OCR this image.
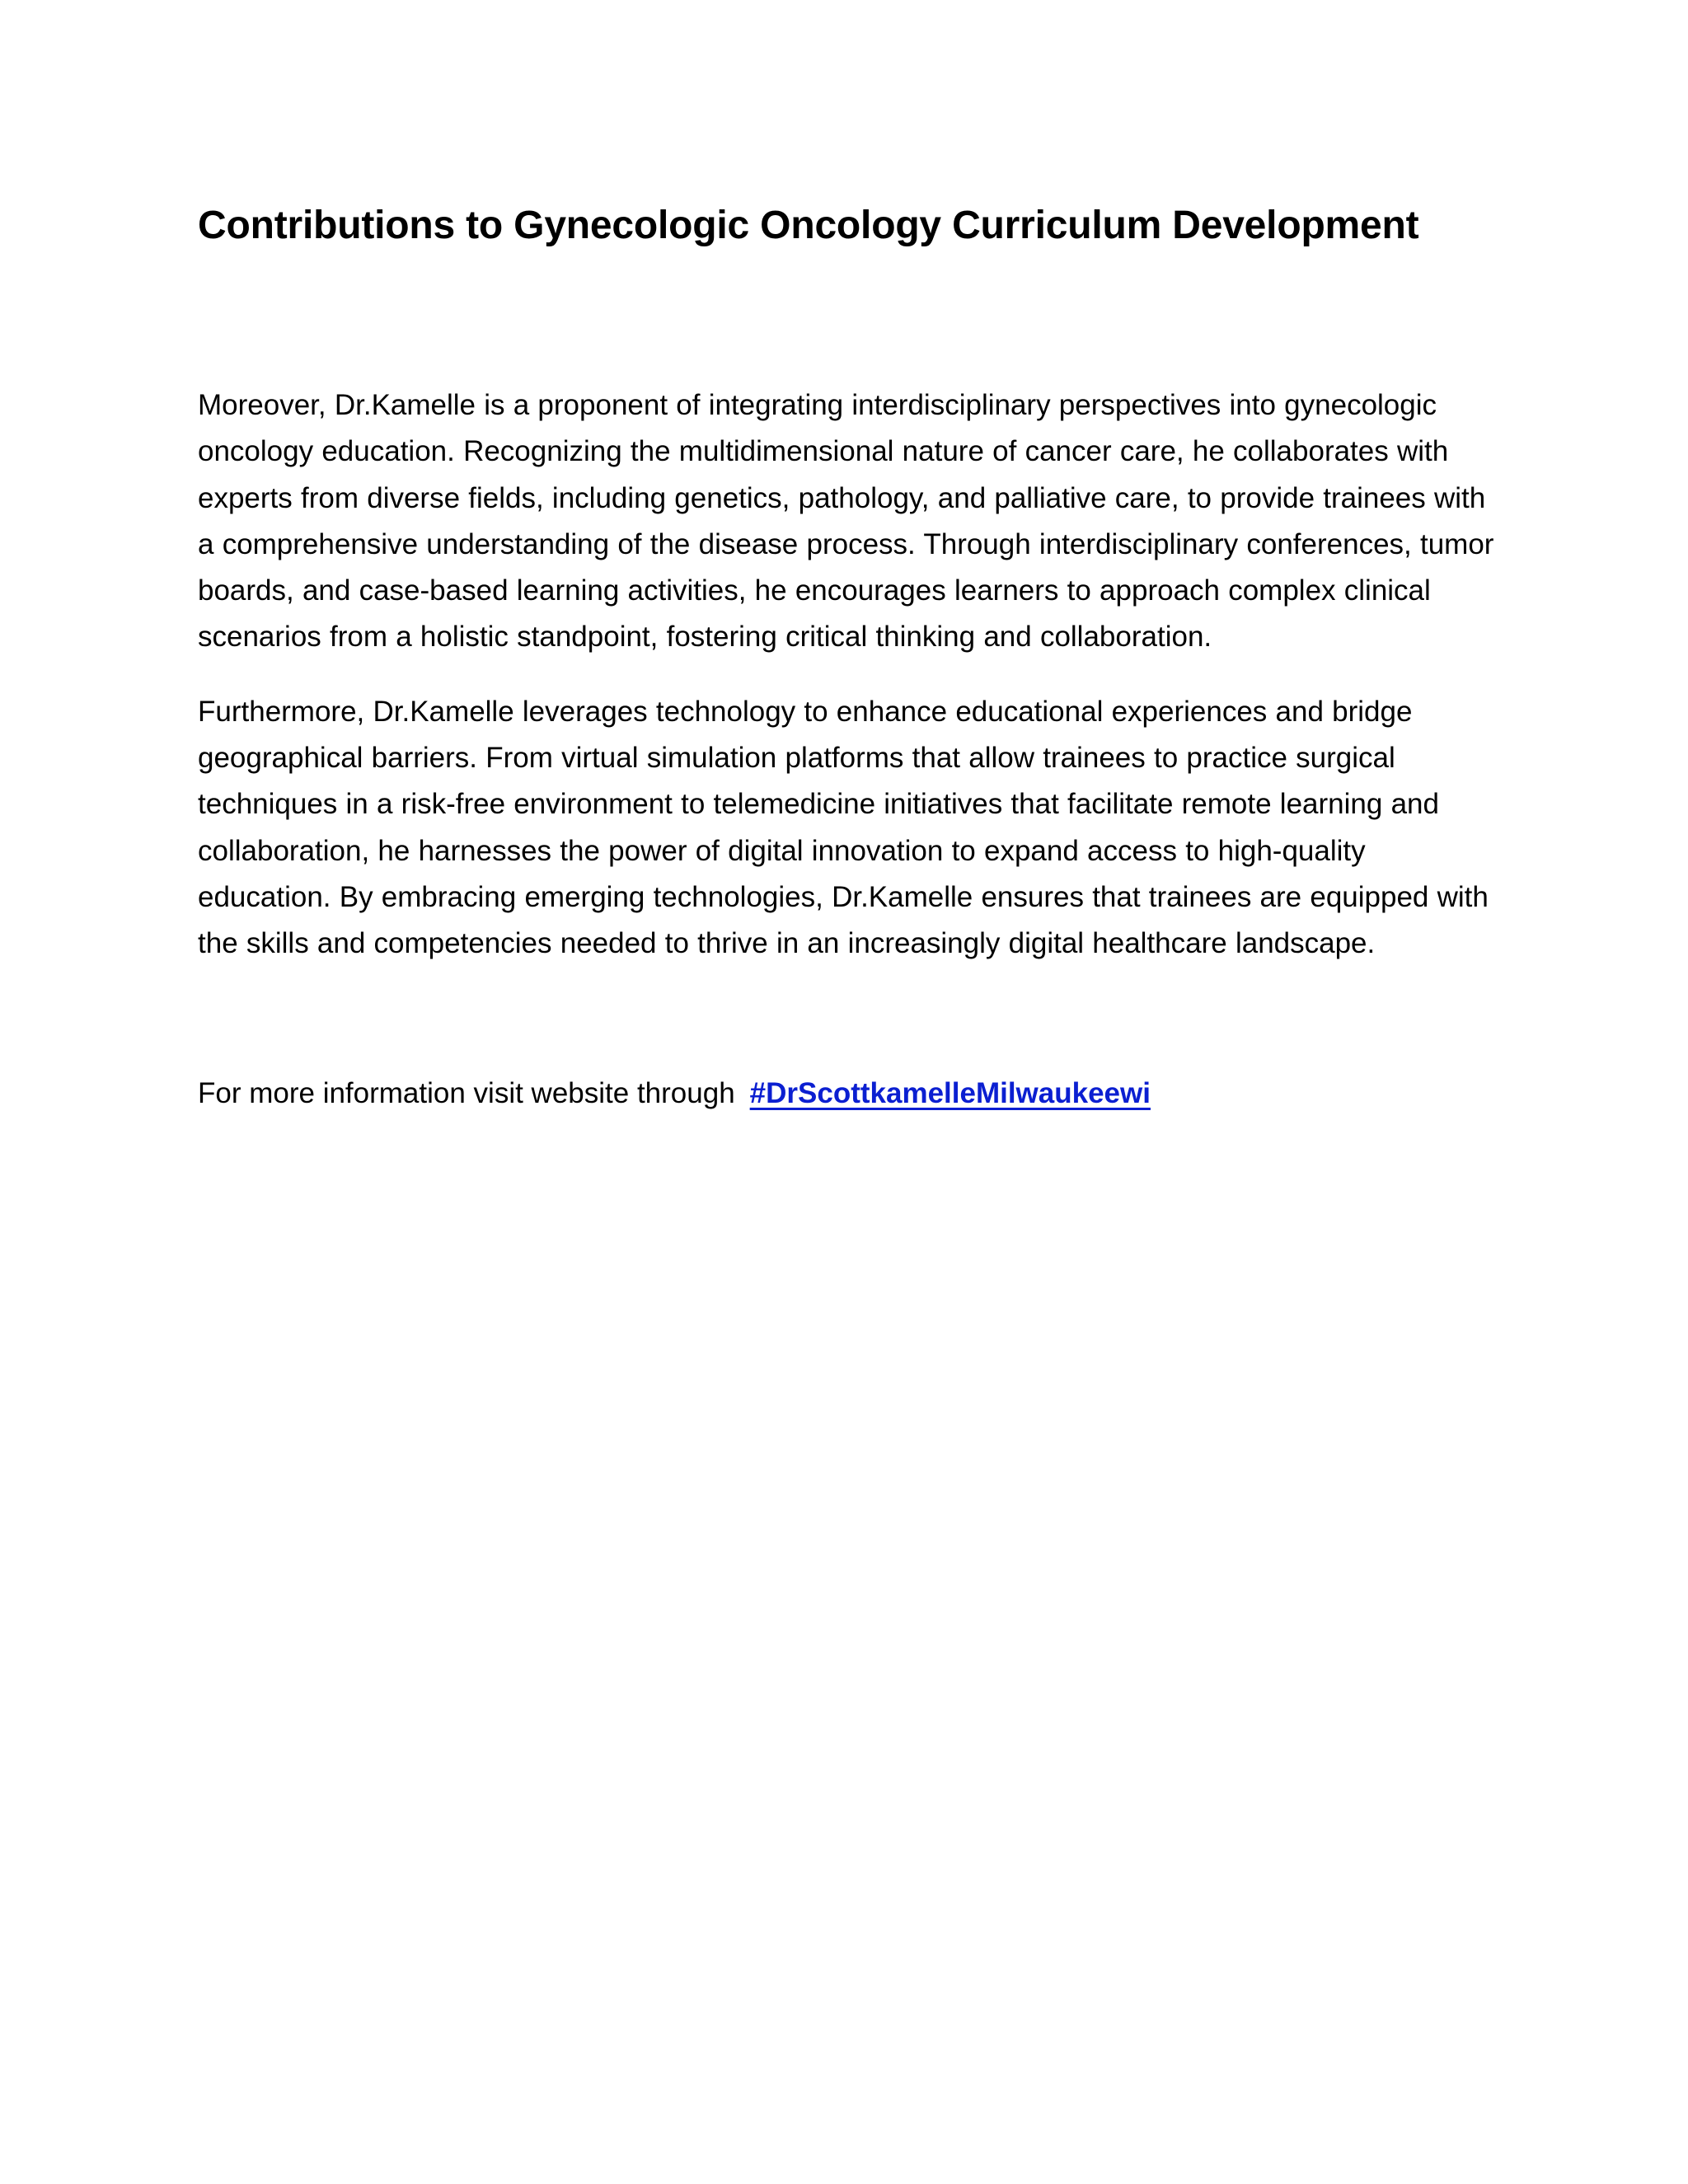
Contributions to Gynecologic Oncology Curriculum Development

Moreover, Dr.Kamelle is a proponent of integrating interdisciplinary perspectives into gynecologic oncology education. Recognizing the multidimensional nature of cancer care, he collaborates with experts from diverse fields, including genetics, pathology, and palliative care, to provide trainees with a comprehensive understanding of the disease process. Through interdisciplinary conferences, tumor boards, and case-based learning activities, he encourages learners to approach complex clinical scenarios from a holistic standpoint, fostering critical thinking and collaboration.

Furthermore, Dr.Kamelle leverages technology to enhance educational experiences and bridge geographical barriers. From virtual simulation platforms that allow trainees to practice surgical techniques in a risk-free environment to telemedicine initiatives that facilitate remote learning and collaboration, he harnesses the power of digital innovation to expand access to high-quality education. By embracing emerging technologies, Dr.Kamelle ensures that trainees are equipped with the skills and competencies needed to thrive in an increasingly digital healthcare landscape.

For more information visit website through #DrScottkamelleMilwaukeewi
